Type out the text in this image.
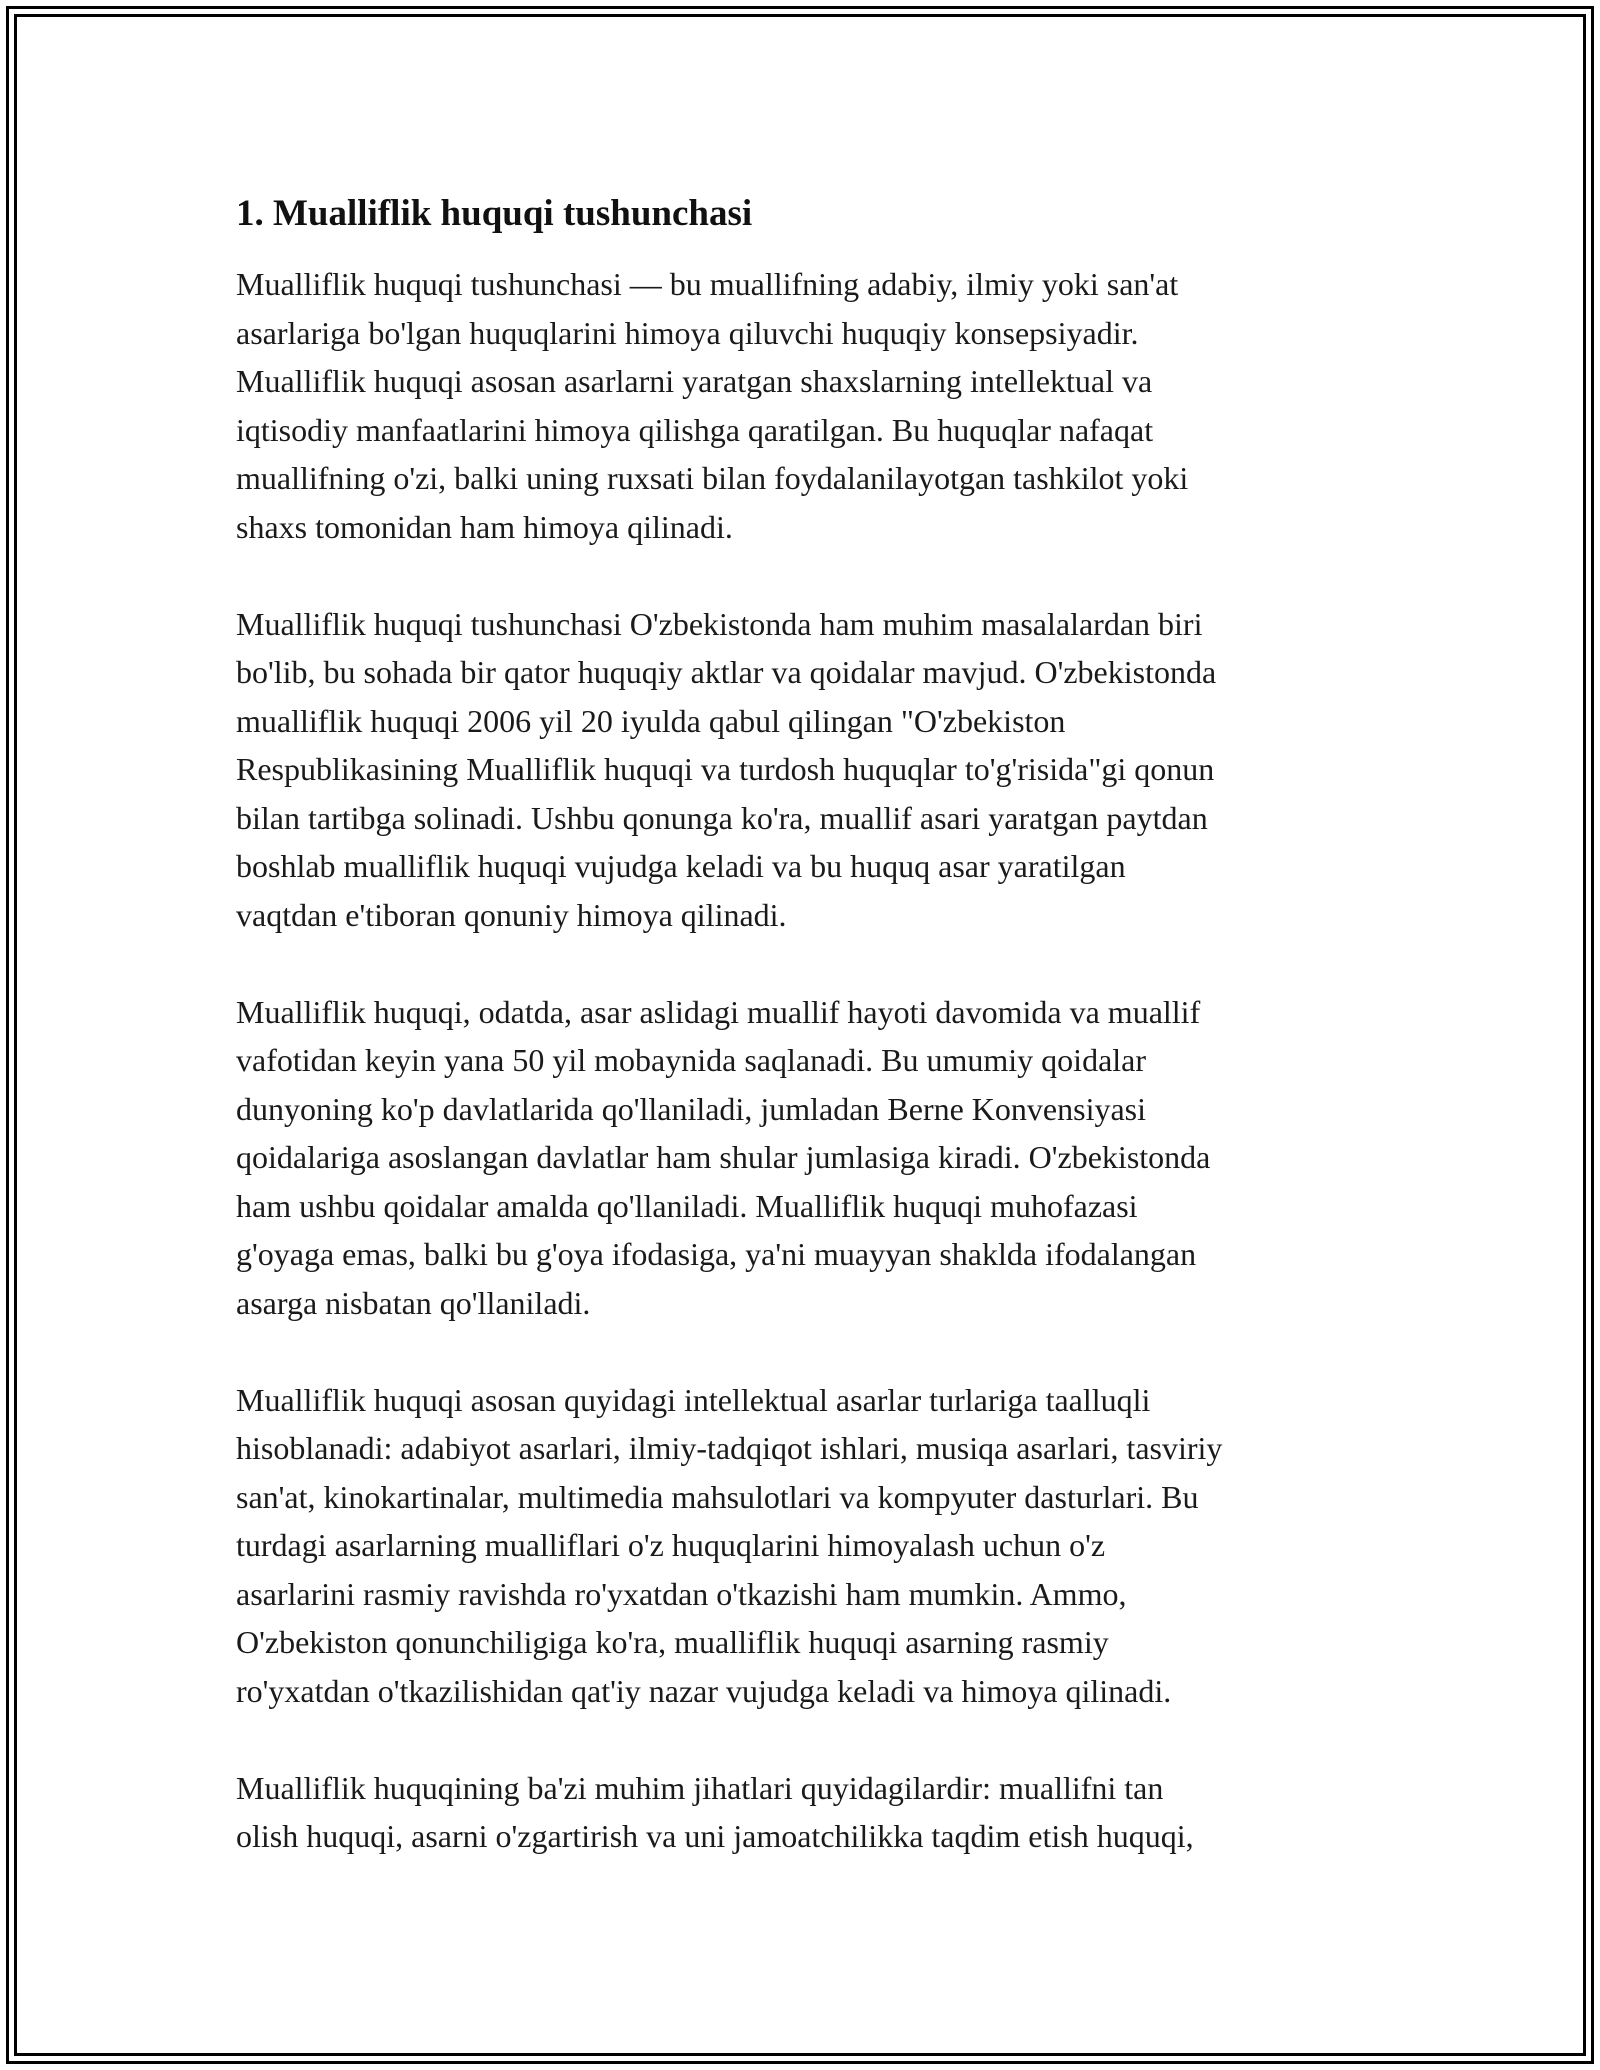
1. Mualliflik huquqi tushunchasi

Mualliflik huquqi tushunchasi — bu muallifning adabiy, ilmiy yoki san'at
asarlariga bo'lgan huquqlarini himoya qiluvchi huquqiy konsepsiyadir.
Mualliflik huquqi asosan asarlarni yaratgan shaxslarning intellektual va
iqtisodiy manfaatlarini himoya qilishga qaratilgan. Bu huquqlar nafaqat
muallifning o'zi, balki uning ruxsati bilan foydalanilayotgan tashkilot yoki
shaxs tomonidan ham himoya qilinadi.

Mualliflik huquqi tushunchasi O'zbekistonda ham muhim masalalardan biri
bo'lib, bu sohada bir qator huquqiy aktlar va qoidalar mavjud. O'zbekistonda
mualliflik huquqi 2006 yil 20 iyulda qabul qilingan "O'zbekiston
Respublikasining Mualliflik huquqi va turdosh huquqlar to'g'risida"gi qonun
bilan tartibga solinadi. Ushbu qonunga ko'ra, muallif asari yaratgan paytdan
boshlab mualliflik huquqi vujudga keladi va bu huquq asar yaratilgan
vaqtdan e'tiboran qonuniy himoya qilinadi.

Mualliflik huquqi, odatda, asar aslidagi muallif hayoti davomida va muallif
vafotidan keyin yana 50 yil mobaynida saqlanadi. Bu umumiy qoidalar
dunyoning ko'p davlatlarida qo'llaniladi, jumladan Berne Konvensiyasi
qoidalariga asoslangan davlatlar ham shular jumlasiga kiradi. O'zbekistonda
ham ushbu qoidalar amalda qo'llaniladi. Mualliflik huquqi muhofazasi
g'oyaga emas, balki bu g'oya ifodasiga, ya'ni muayyan shaklda ifodalangan
asarga nisbatan qo'llaniladi.

Mualliflik huquqi asosan quyidagi intellektual asarlar turlariga taalluqli
hisoblanadi: adabiyot asarlari, ilmiy-tadqiqot ishlari, musiqa asarlari, tasviriy
san'at, kinokartinalar, multimedia mahsulotlari va kompyuter dasturlari. Bu
turdagi asarlarning mualliflari o'z huquqlarini himoyalash uchun o'z
asarlarini rasmiy ravishda ro'yxatdan o'tkazishi ham mumkin. Ammo,
O'zbekiston qonunchiligiga ko'ra, mualliflik huquqi asarning rasmiy
ro'yxatdan o'tkazilishidan qat'iy nazar vujudga keladi va himoya qilinadi.

Mualliflik huquqining ba'zi muhim jihatlari quyidagilardir: muallifni tan
olish huquqi, asarni o'zgartirish va uni jamoatchilikka taqdim etish huquqi,
